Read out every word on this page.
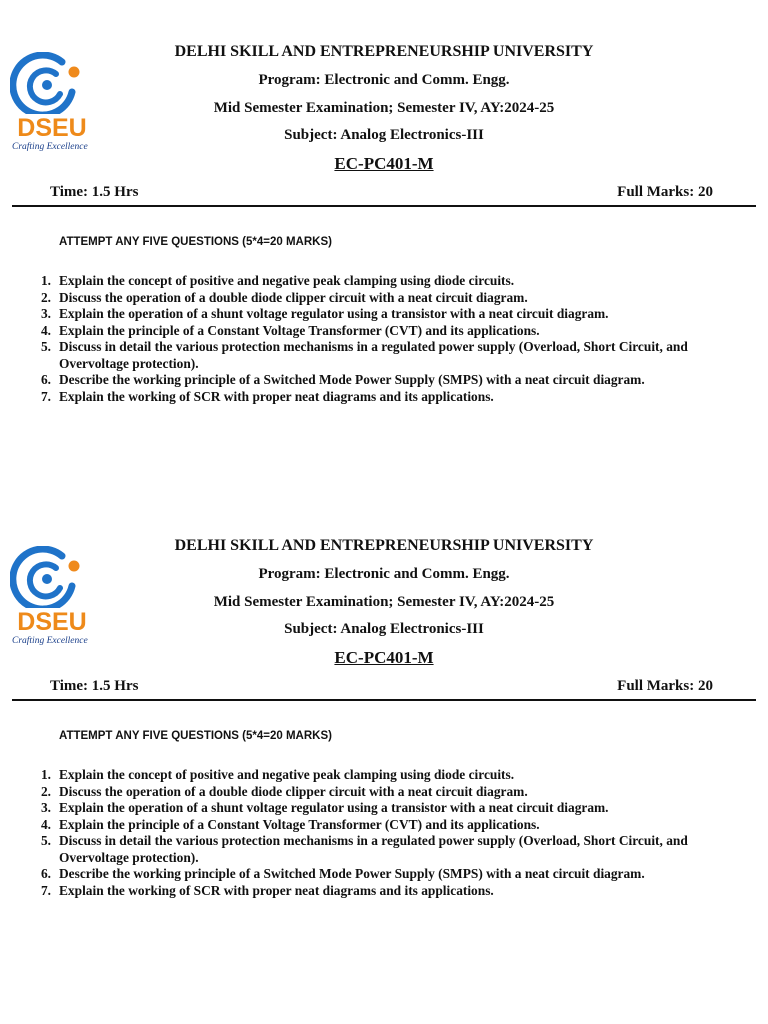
DSEU
Crafting Excellence
DELHI SKILL AND ENTREPRENEURSHIP UNIVERSITY
Program: Electronic and Comm. Engg.
Mid Semester Examination; Semester IV, AY:2024-25
Subject: Analog Electronics-III
EC-PC401-M
Time: 1.5 Hrs	Full Marks: 20
ATTEMPT ANY FIVE QUESTIONS (5*4=20 MARKS)
1. Explain the concept of positive and negative peak clamping using diode circuits.
2. Discuss the operation of a double diode clipper circuit with a neat circuit diagram.
3. Explain the operation of a shunt voltage regulator using a transistor with a neat circuit diagram.
4. Explain the principle of a Constant Voltage Transformer (CVT) and its applications.
5. Discuss in detail the various protection mechanisms in a regulated power supply (Overload, Short Circuit, and Overvoltage protection).
6. Describe the working principle of a Switched Mode Power Supply (SMPS) with a neat circuit diagram.
7. Explain the working of SCR with proper neat diagrams and its applications.
DSEU
Crafting Excellence
DELHI SKILL AND ENTREPRENEURSHIP UNIVERSITY
Program: Electronic and Comm. Engg.
Mid Semester Examination; Semester IV, AY:2024-25
Subject: Analog Electronics-III
EC-PC401-M
Time: 1.5 Hrs	Full Marks: 20
ATTEMPT ANY FIVE QUESTIONS (5*4=20 MARKS)
1. Explain the concept of positive and negative peak clamping using diode circuits.
2. Discuss the operation of a double diode clipper circuit with a neat circuit diagram.
3. Explain the operation of a shunt voltage regulator using a transistor with a neat circuit diagram.
4. Explain the principle of a Constant Voltage Transformer (CVT) and its applications.
5. Discuss in detail the various protection mechanisms in a regulated power supply (Overload, Short Circuit, and Overvoltage protection).
6. Describe the working principle of a Switched Mode Power Supply (SMPS) with a neat circuit diagram.
7. Explain the working of SCR with proper neat diagrams and its applications.
